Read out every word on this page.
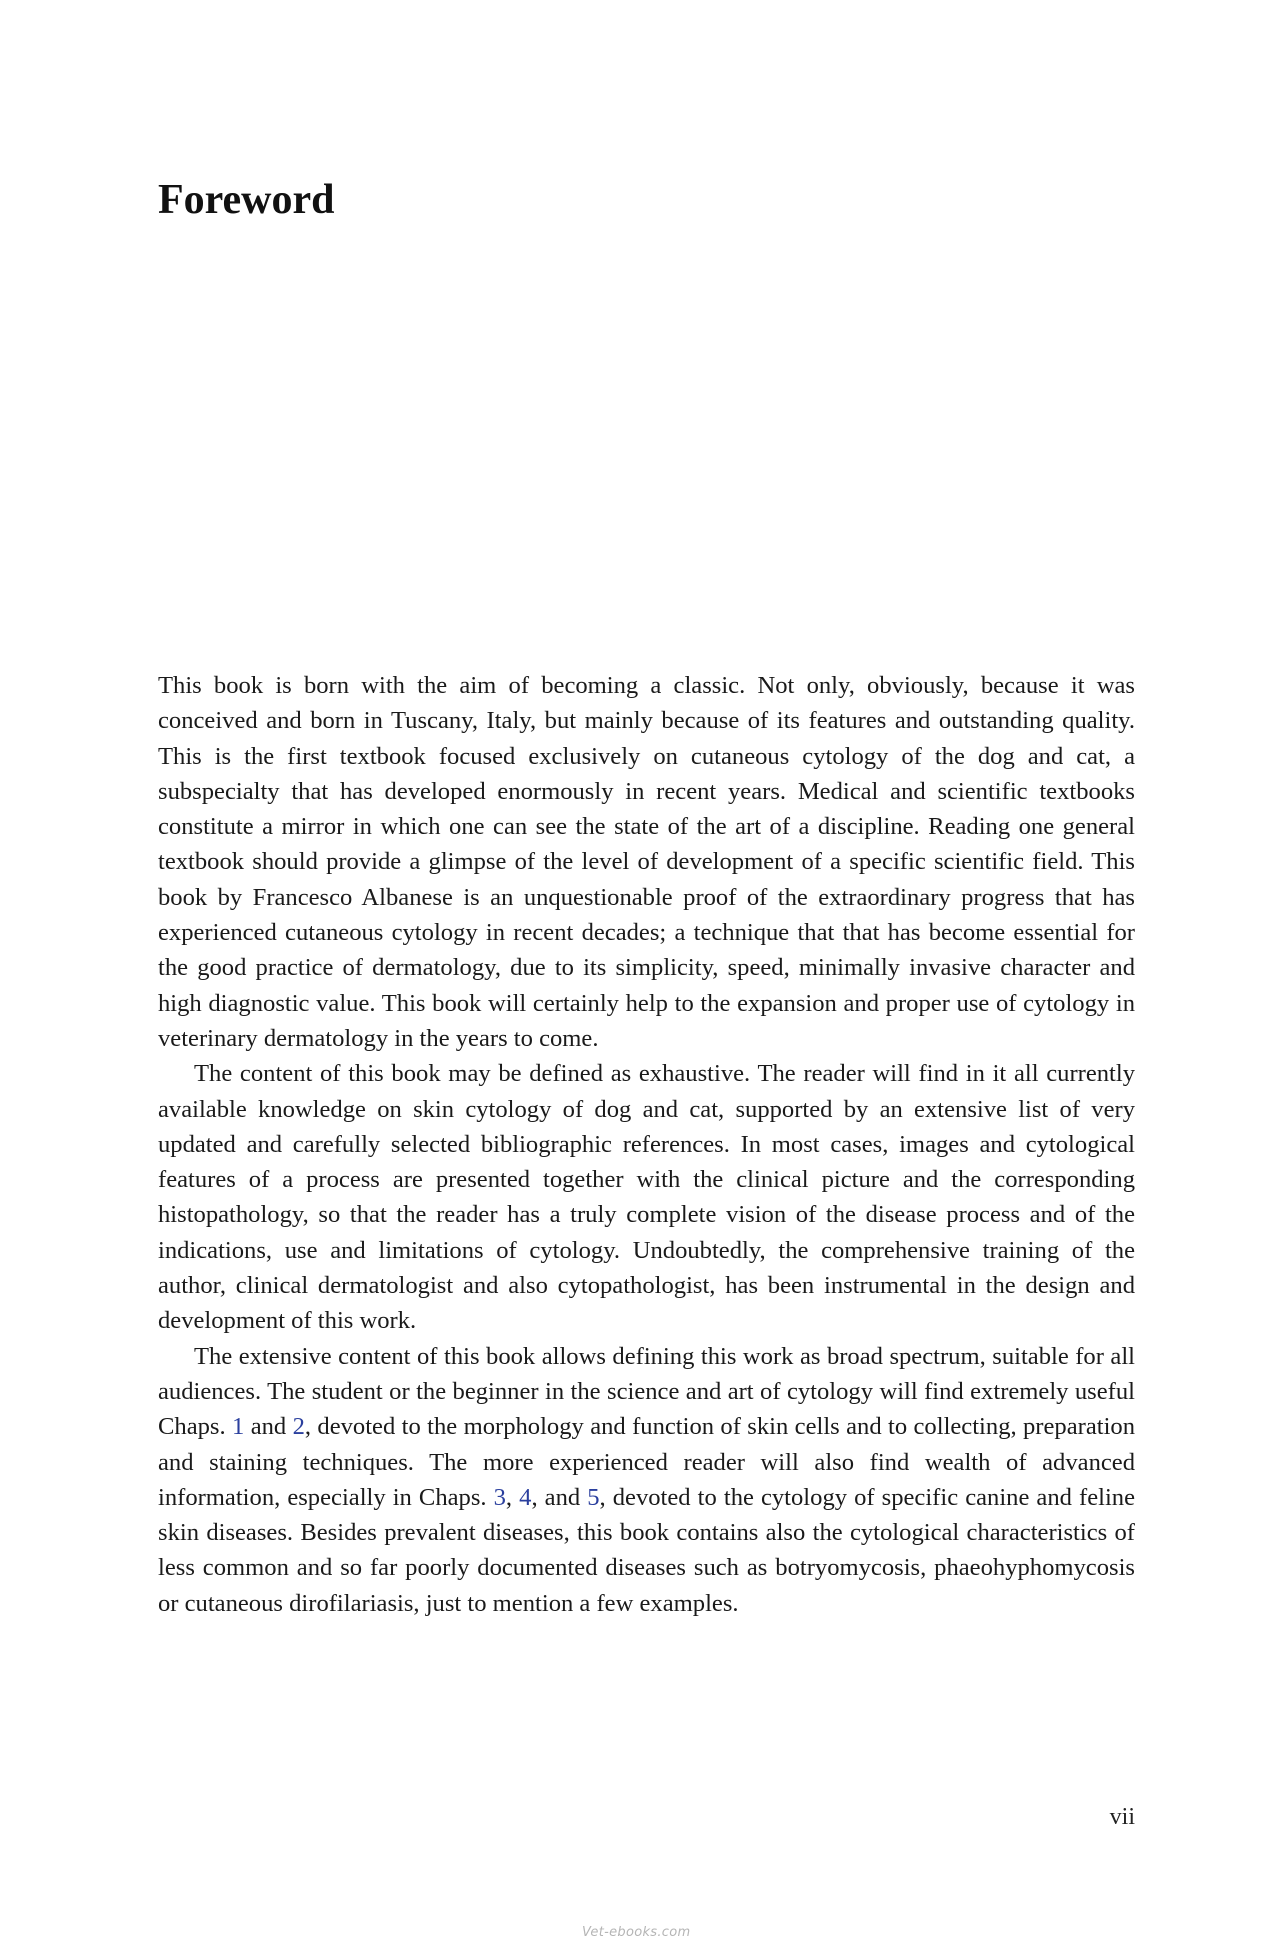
Foreword

This book is born with the aim of becoming a classic. Not only, obviously, because it was conceived and born in Tuscany, Italy, but mainly because of its features and outstanding quality. This is the first textbook focused exclusively on cutaneous cytology of the dog and cat, a subspecialty that has developed enormously in recent years. Medical and scientific textbooks constitute a mirror in which one can see the state of the art of a discipline. Reading one general textbook should provide a glimpse of the level of development of a specific scientific field. This book by Francesco Albanese is an unquestionable proof of the extraordinary progress that has experienced cutaneous cytology in recent decades; a technique that that has become essential for the good practice of dermatology, due to its simplicity, speed, minimally invasive character and high diagnostic value. This book will certainly help to the expansion and proper use of cytology in veterinary dermatology in the years to come.

The content of this book may be defined as exhaustive. The reader will find in it all currently available knowledge on skin cytology of dog and cat, supported by an extensive list of very updated and carefully selected bibliographic references. In most cases, images and cytological features of a process are presented together with the clinical picture and the corresponding histopathology, so that the reader has a truly complete vision of the disease process and of the indications, use and limitations of cytology. Undoubtedly, the comprehensive training of the author, clinical dermatologist and also cytopathologist, has been instrumental in the design and development of this work.

The extensive content of this book allows defining this work as broad spectrum, suitable for all audiences. The student or the beginner in the science and art of cytology will find extremely useful Chaps. 1 and 2, devoted to the morphology and function of skin cells and to collecting, preparation and staining techniques. The more experienced reader will also find wealth of advanced information, especially in Chaps. 3, 4, and 5, devoted to the cytology of specific canine and feline skin diseases. Besides prevalent diseases, this book contains also the cytological characteristics of less common and so far poorly documented diseases such as botryomycosis, phaeohyphomycosis or cutaneous dirofilariasis, just to mention a few examples.

vii
Vet-ebooks.com
